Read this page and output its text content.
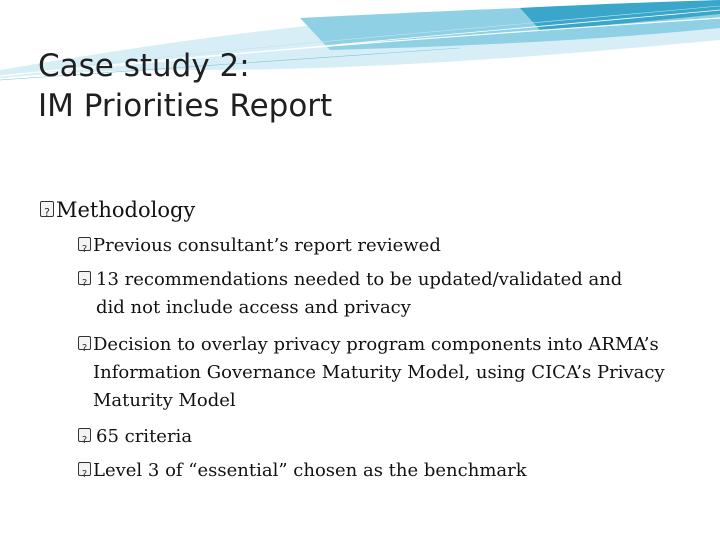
Case study 2:
IM Priorities Report
?
Methodology
?
Previous consultant’s report reviewed
?
13 recommendations needed to be updated/validated and did not include access and privacy
?
Decision to overlay privacy program components into ARMA’s Information Governance Maturity Model, using CICA’s Privacy Maturity Model
?
65 criteria
?
Level 3 of “essential” chosen as the benchmark
